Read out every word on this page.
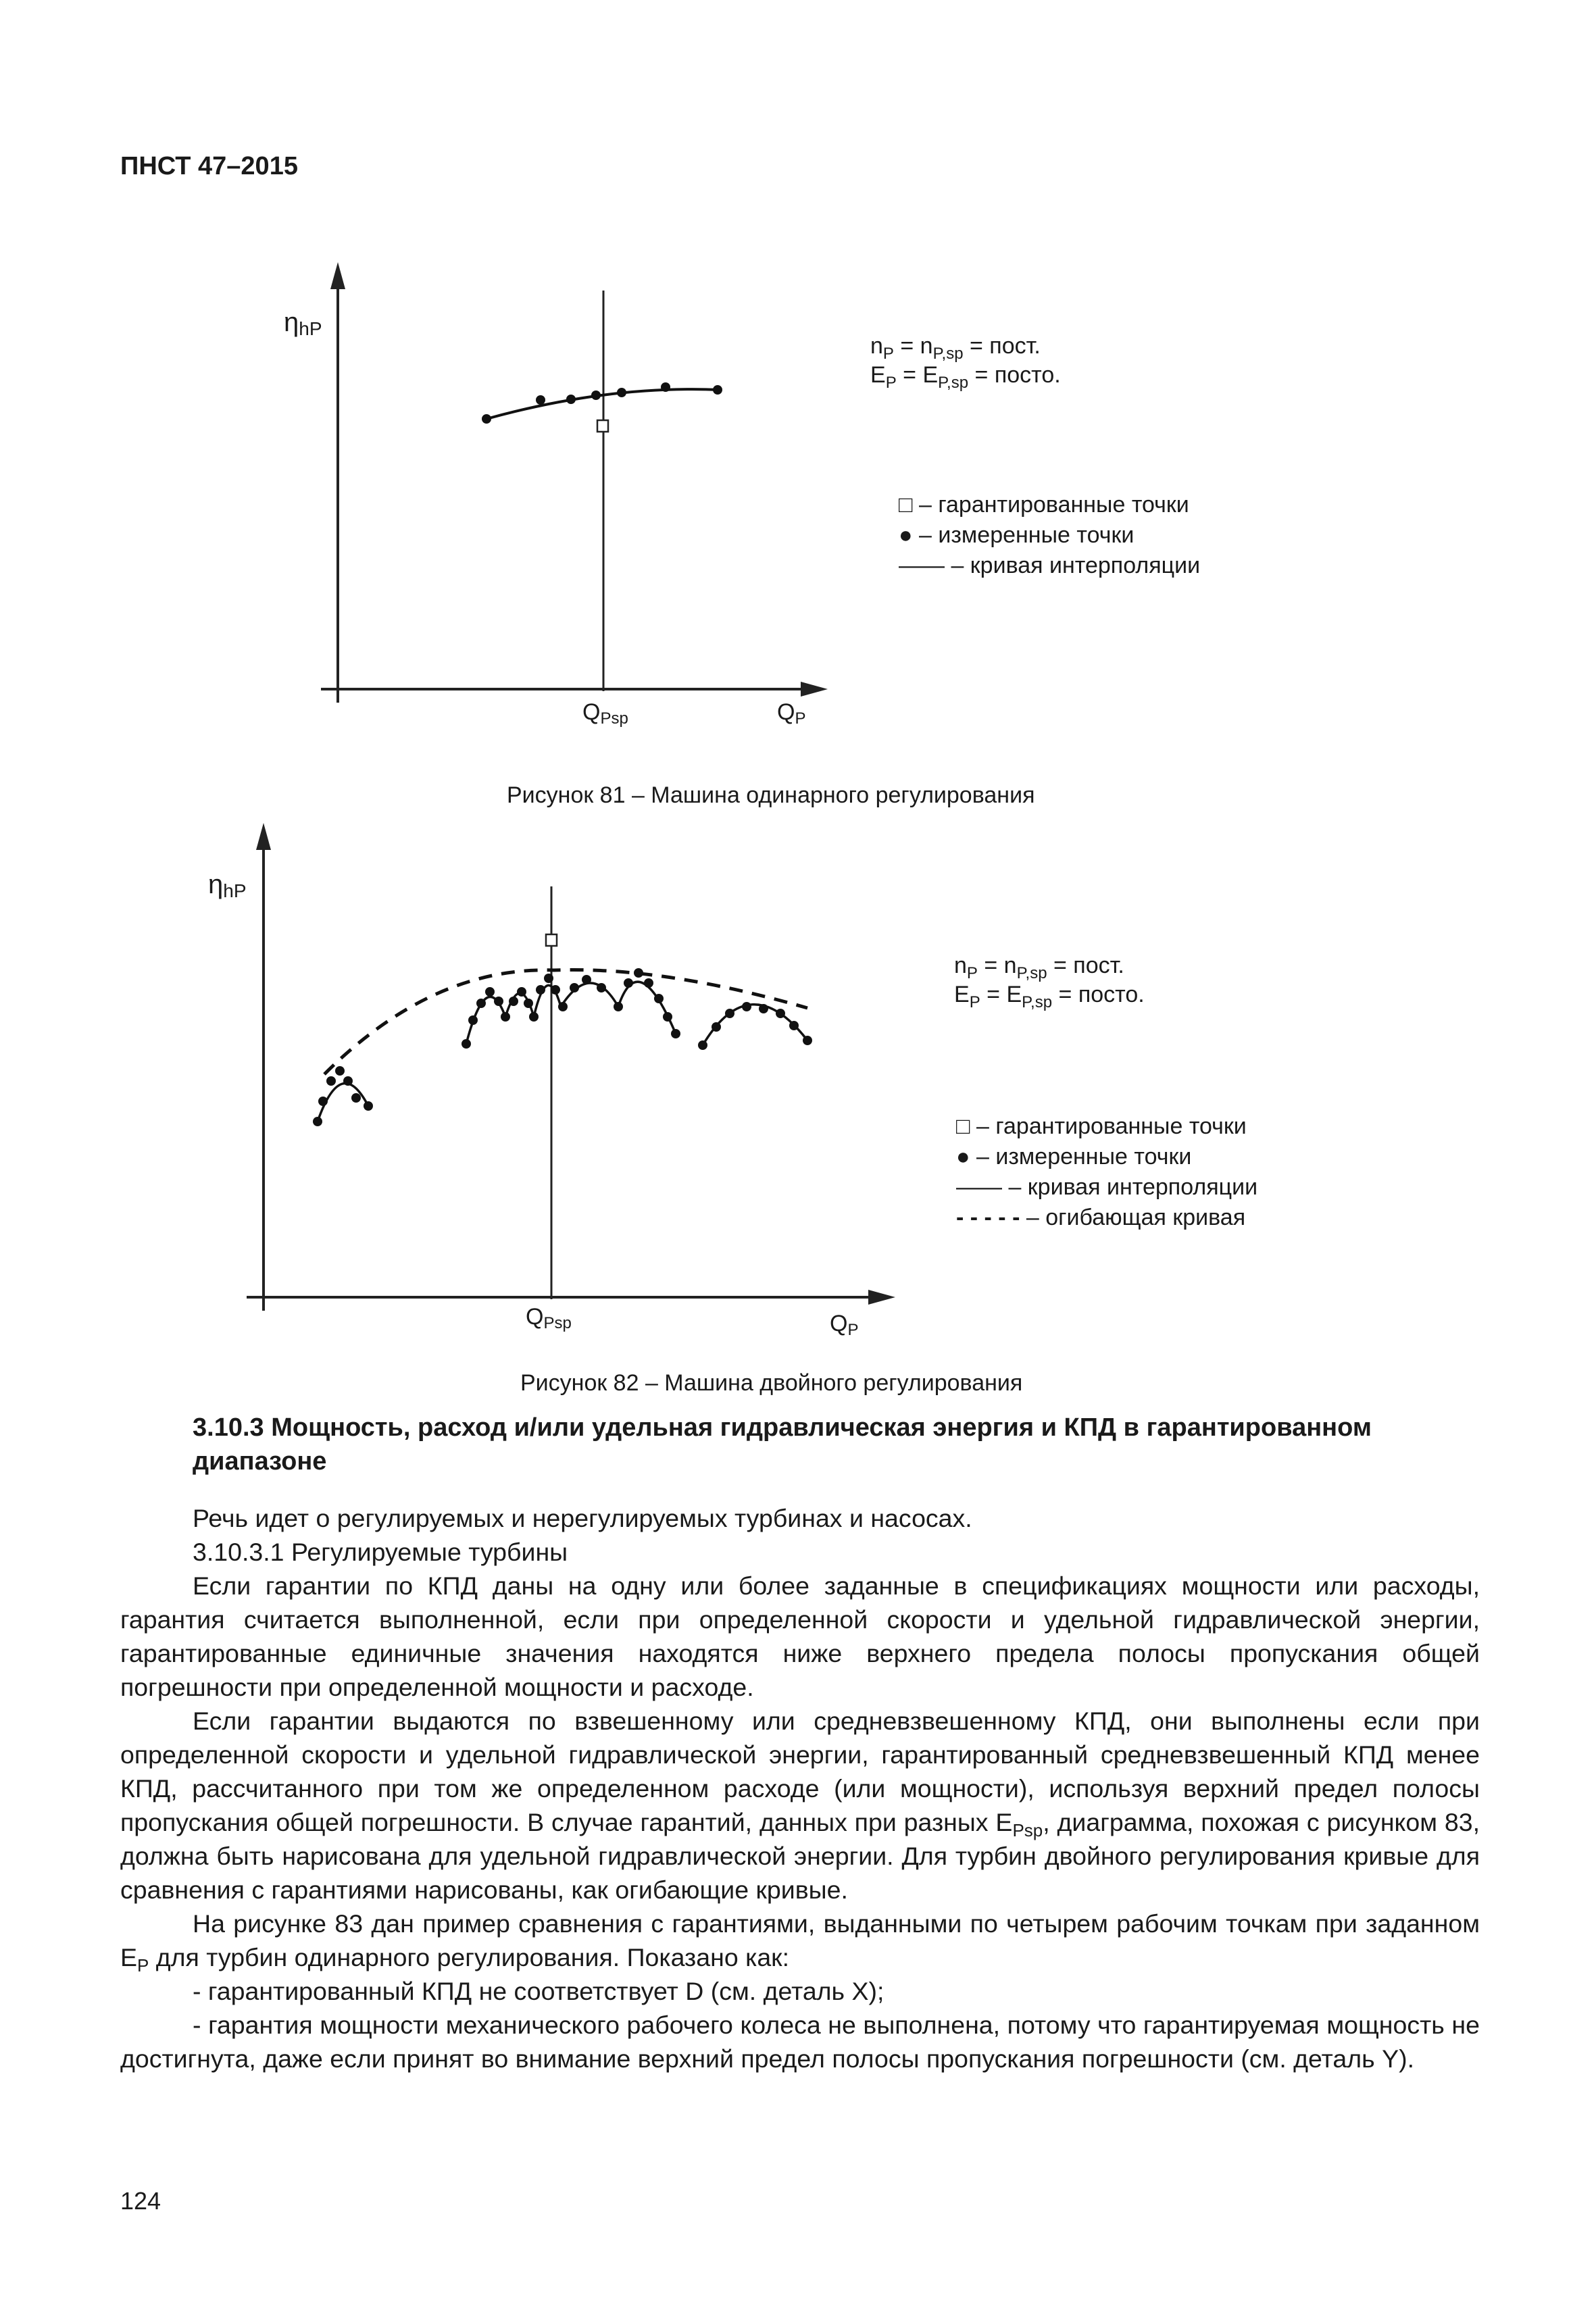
ПНСТ 47–2015
ηhP
QPsp	QP
$n_P = n_{P,sp}$ = пост.
$E_P = E_{P,sp}$ = посто.
□ – гарантированные точки
● – измеренные точки
—— – кривая интерполяции
Рисунок 81 – Машина одинарного регулирования
ηhP
QPsp	QP
$n_P = n_{P,sp}$ = пост.
$E_P = E_{P,sp}$ = посто.
□ – гарантированные точки
● – измеренные точки
—— – кривая интерполяции
- - - - - – огибающая кривая
Рисунок 82 – Машина двойного регулирования
3.10.3 Мощность, расход и/или удельная гидравлическая энергия и КПД в гарантированном диапазоне

Речь идет о регулируемых и нерегулируемых турбинах и насосах.

3.10.3.1 Регулируемые турбины

Если гарантии по КПД даны на одну или более заданные в спецификациях мощности или расходы, гарантия считается выполненной, если при определенной скорости и удельной гидравлической энергии, гарантированные единичные значения находятся ниже верхнего предела полосы пропускания общей погрешности при определенной мощности и расходе.

Если гарантии выдаются по взвешенному или средневзвешенному КПД, они выполнены если при определенной скорости и удельной гидравлической энергии, гарантированный средневзвешенный КПД менее КПД, рассчитанного при том же определенном расходе (или мощности), используя верхний предел полосы пропускания общей погрешности. В случае гарантий, данных при разных $E_{Psp}$, диаграмма, похожая с рисунком 83, должна быть нарисована для удельной гидравлической энергии. Для турбин двойного регулирования кривые для сравнения с гарантиями нарисованы, как огибающие кривые.

На рисунке 83 дан пример сравнения с гарантиями, выданными по четырем рабочим точкам при заданном $E_P$ для турбин одинарного регулирования. Показано как:

- гарантированный КПД не соответствует D (см. деталь X);

- гарантия мощности механического рабочего колеса не выполнена, потому что гарантируемая мощность не достигнута, даже если принят во внимание верхний предел полосы пропускания погрешности (см. деталь Y).

124
